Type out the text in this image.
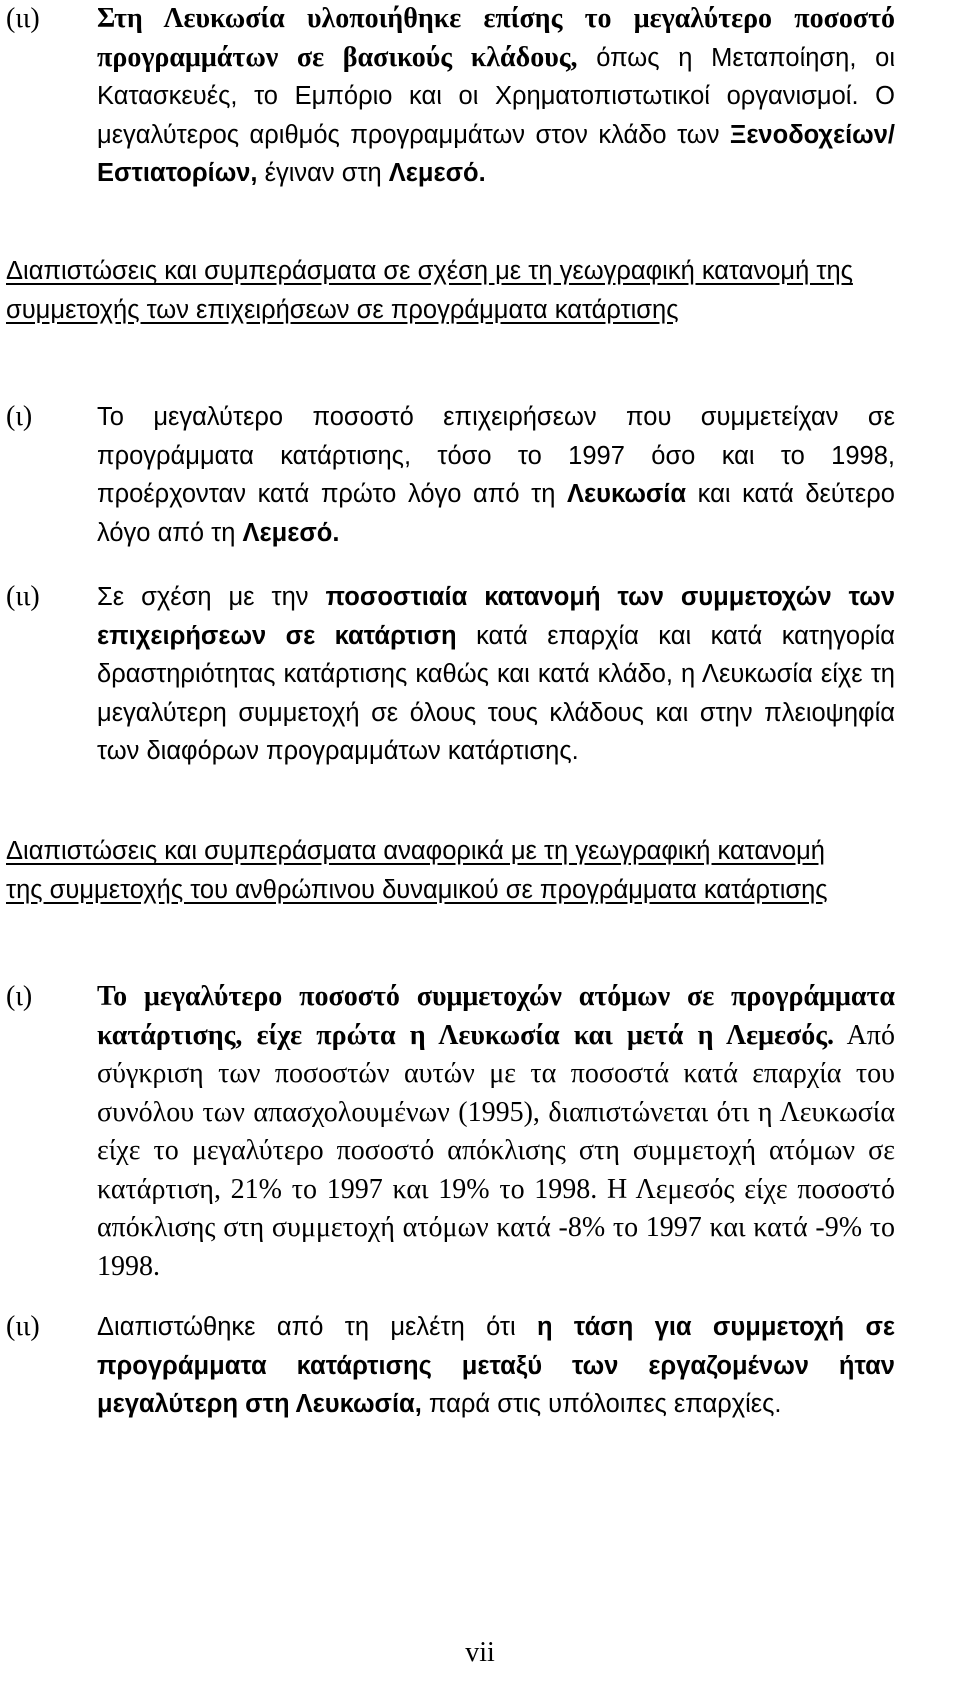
(ιι) Στη Λευκωσία υλοποιήθηκε επίσης το μεγαλύτερο ποσοστό προγραμμάτων σε βασικούς κλάδους, όπως η Μεταποίηση, οι Κατασκευές, το Εμπόριο και οι Χρηματοπιστωτικοί οργανισμοί. Ο μεγαλύτερος αριθμός προγραμμάτων στον κλάδο των Ξενοδοχείων/Εστιατορίων, έγιναν στη Λεμεσό.
Διαπιστώσεις και συμπεράσματα σε σχέση με τη γεωγραφική κατανομή της συμμετοχής των επιχειρήσεων σε προγράμματα κατάρτισης
(ι)	Το μεγαλύτερο ποσοστό επιχειρήσεων που συμμετείχαν σε προγράμματα κατάρτισης, τόσο το 1997 όσο και το 1998, προέρχονταν κατά πρώτο λόγο από τη Λευκωσία και κατά δεύτερο λόγο από τη Λεμεσό.
(ιι) Σε σχέση με την ποσοστιαία κατανομή των συμμετοχών των επιχειρήσεων σε κατάρτιση κατά επαρχία και κατά κατηγορία δραστηριότητας κατάρτισης καθώς και κατά κλάδο, η Λευκωσία είχε τη μεγαλύτερη συμμετοχή σε όλους τους κλάδους και στην πλειοψηφία των διαφόρων προγραμμάτων κατάρτισης.
Διαπιστώσεις και συμπεράσματα αναφορικά με τη γεωγραφική κατανομή της συμμετοχής του ανθρώπινου δυναμικού σε προγράμματα κατάρτισης
(ι) Το μεγαλύτερο ποσοστό συμμετοχών ατόμων σε προγράμματα κατάρτισης, είχε πρώτα η Λευκωσία και μετά η Λεμεσός. Από σύγκριση των ποσοστών αυτών με τα ποσοστά κατά επαρχία του συνόλου των απασχολουμένων (1995), διαπιστώνεται ότι η Λευκωσία είχε το μεγαλύτερο ποσοστό απόκλισης στη συμμετοχή ατόμων σε κατάρτιση, 21% το 1997 και 19% το 1998. Η Λεμεσός είχε ποσοστό απόκλισης στη συμμετοχή ατόμων κατά -8% το 1997 και κατά -9% το 1998.
(ιι) Διαπιστώθηκε από τη μελέτη ότι η τάση για συμμετοχή σε προγράμματα κατάρτισης μεταξύ των εργαζομένων ήταν μεγαλύτερη στη Λευκωσία, παρά στις υπόλοιπες επαρχίες.
vii
